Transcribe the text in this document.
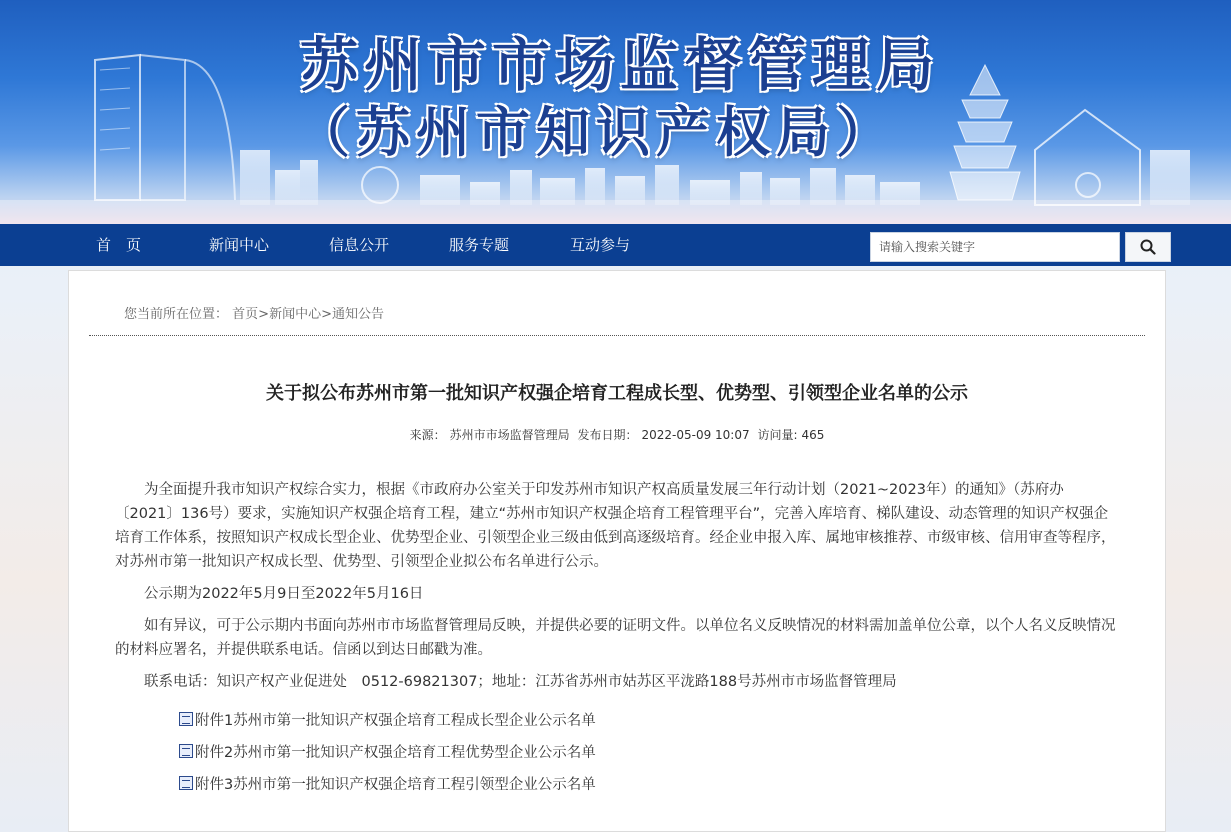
苏州市市场监督管理局
（苏州市知识产权局）
首　页	新闻中心	信息公开	服务专题	互动参与
请输入搜索关键字
您当前所在位置： 首页>新闻中心>通知公告
关于拟公布苏州市第一批知识产权强企培育工程成长型、优势型、引领型企业名单的公示
来源： 苏州市市场监督管理局 发布日期： 2022-05-09 10:07 访问量: 465

为全面提升我市知识产权综合实力，根据《市政府办公室关于印发苏州市知识产权高质量发展三年行动计划（2021~2023年）的通知》（苏府办〔2021〕136号）要求，实施知识产权强企培育工程，建立“苏州市知识产权强企培育工程管理平台”，完善入库培育、梯队建设、动态管理的知识产权强企培育工作体系，按照知识产权成长型企业、优势型企业、引领型企业三级由低到高逐级培育。经企业申报入库、属地审核推荐、市级审核、信用审查等程序，对苏州市第一批知识产权成长型、优势型、引领型企业拟公布名单进行公示。

公示期为2022年5月9日至2022年5月16日

如有异议，可于公示期内书面向苏州市市场监督管理局反映，并提供必要的证明文件。以单位名义反映情况的材料需加盖单位公章，以个人名义反映情况的材料应署名，并提供联系电话。信函以到达日邮戳为准。

联系电话：知识产权产业促进处　0512-69821307；地址：江苏省苏州市姑苏区平泷路188号苏州市市场监督管理局

附件1苏州市第一批知识产权强企培育工程成长型企业公示名单
附件2苏州市第一批知识产权强企培育工程优势型企业公示名单
附件3苏州市第一批知识产权强企培育工程引领型企业公示名单
